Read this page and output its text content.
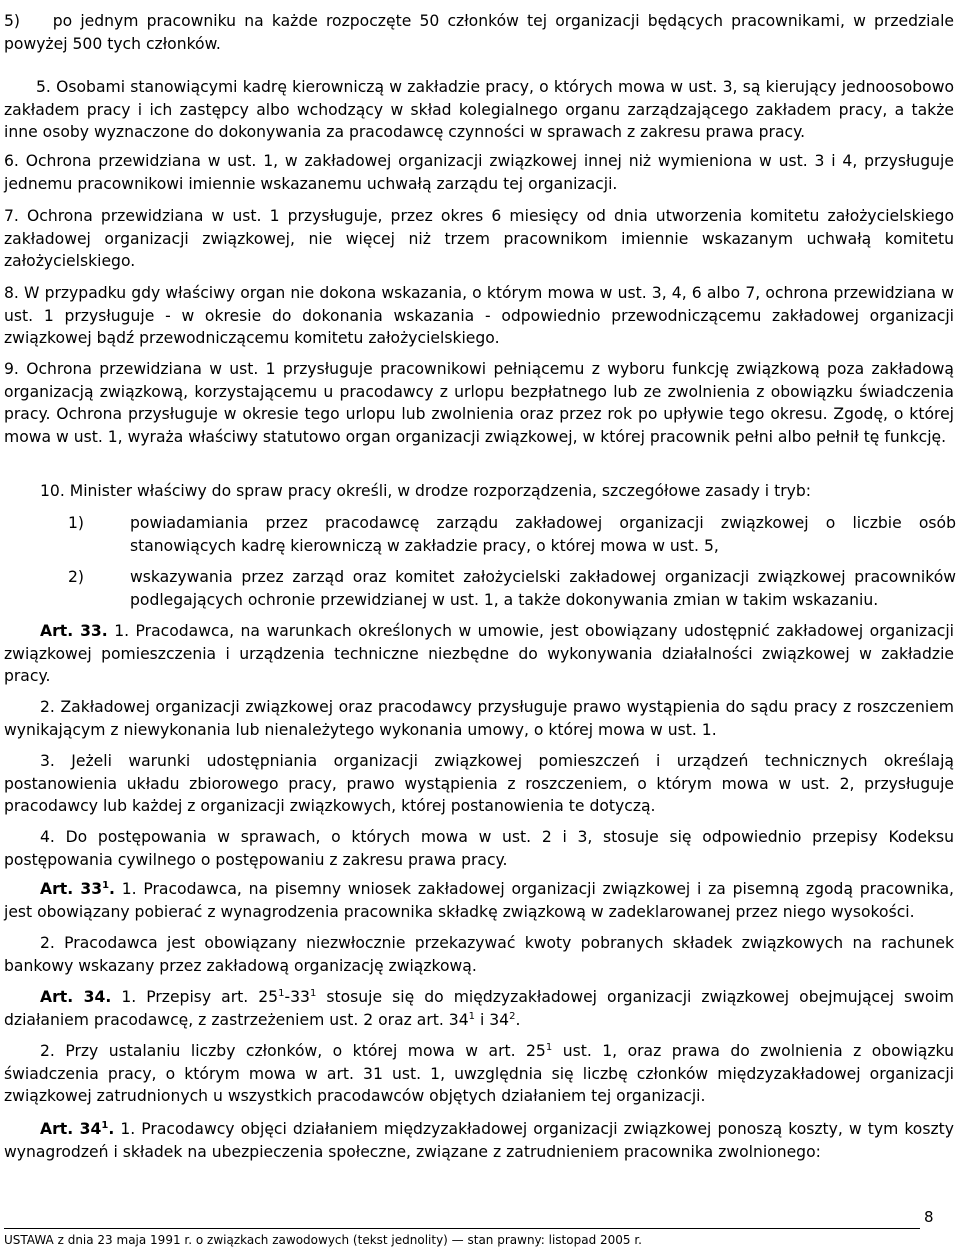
5)    po jednym pracowniku na każde rozpoczęte 50 członków tej organizacji będących pracownikami, w przedziale powyżej 500 tych członków.

5. Osobami stanowiącymi kadrę kierowniczą w zakładzie pracy, o których mowa w ust. 3, są kierujący jednoosobowo zakładem pracy i ich zastępcy albo wchodzący w skład kolegialnego organu zarządzającego zakładem pracy, a także inne osoby wyznaczone do dokonywania za pracodawcę czynności w sprawach z zakresu prawa pracy.

6. Ochrona przewidziana w ust. 1, w zakładowej organizacji związkowej innej niż wymieniona w ust. 3 i 4, przysługuje jednemu pracownikowi imiennie wskazanemu uchwałą zarządu tej organizacji.

7. Ochrona przewidziana w ust. 1 przysługuje, przez okres 6 miesięcy od dnia utworzenia komitetu założycielskiego zakładowej organizacji związkowej, nie więcej niż trzem pracownikom imiennie wskazanym uchwałą komitetu założycielskiego.

8. W przypadku gdy właściwy organ nie dokona wskazania, o którym mowa w ust. 3, 4, 6 albo 7, ochrona przewidziana w ust. 1 przysługuje - w okresie do dokonania wskazania - odpowiednio przewodniczącemu zakładowej organizacji związkowej bądź przewodniczącemu komitetu założycielskiego.

9. Ochrona przewidziana w ust. 1 przysługuje pracownikowi pełniącemu z wyboru funkcję związkową poza zakładową organizacją związkową, korzystającemu u pracodawcy z urlopu bezpłatnego lub ze zwolnienia z obowiązku świadczenia pracy. Ochrona przysługuje w okresie tego urlopu lub zwolnienia oraz przez rok po upływie tego okresu. Zgodę, o której mowa w ust. 1, wyraża właściwy statutowo organ organizacji związkowej, w której pracownik pełni albo pełnił tę funkcję.

10. Minister właściwy do spraw pracy określi, w drodze rozporządzenia, szczegółowe zasady i tryb:

1)	powiadamiania przez pracodawcę zarządu zakładowej organizacji związkowej o liczbie osób stanowiących kadrę kierowniczą w zakładzie pracy, o której mowa w ust. 5,
2)	wskazywania przez zarząd oraz komitet założycielski zakładowej organizacji związkowej pracowników podlegających ochronie przewidzianej w ust. 1, a także dokonywania zmian w takim wskazaniu.

Art. 33. 1. Pracodawca, na warunkach określonych w umowie, jest obowiązany udostępnić zakładowej organizacji związkowej pomieszczenia i urządzenia techniczne niezbędne do wykonywania działalności związkowej w zakładzie pracy.

2. Zakładowej organizacji związkowej oraz pracodawcy przysługuje prawo wystąpienia do sądu pracy z roszczeniem wynikającym z niewykonania lub nienależytego wykonania umowy, o której mowa w ust. 1.

3. Jeżeli warunki udostępniania organizacji związkowej pomieszczeń i urządzeń technicznych określają postanowienia układu zbiorowego pracy, prawo wystąpienia z roszczeniem, o którym mowa w ust. 2, przysługuje pracodawcy lub każdej z organizacji związkowych, której postanowienia te dotyczą.

4. Do postępowania w sprawach, o których mowa w ust. 2 i 3, stosuje się odpowiednio przepisy Kodeksu postępowania cywilnego o postępowaniu z zakresu prawa pracy.

Art. $33^1$. 1. Pracodawca, na pisemny wniosek zakładowej organizacji związkowej i za pisemną zgodą pracownika, jest obowiązany pobierać z wynagrodzenia pracownika składkę związkową w zadeklarowanej przez niego wysokości.

2. Pracodawca jest obowiązany niezwłocznie przekazywać kwoty pobranych składek związkowych na rachunek bankowy wskazany przez zakładową organizację związkową.

Art. 34. 1. Przepisy art. $25^1-33^1$ stosuje się do międzyzakładowej organizacji związkowej obejmującej swoim działaniem pracodawcę, z zastrzeżeniem ust. 2 oraz art. $34^1$ i $34^2$.

2. Przy ustalaniu liczby członków, o której mowa w art. $25^1$ ust. 1, oraz prawa do zwolnienia z obowiązku świadczenia pracy, o którym mowa w art. 31 ust. 1, uwzględnia się liczbę członków międzyzakładowej organizacji związkowej zatrudnionych u wszystkich pracodawców objętych działaniem tej organizacji.

Art. $34^1$. 1. Pracodawcy objęci działaniem międzyzakładowej organizacji związkowej ponoszą koszty, w tym koszty wynagrodzeń i składek na ubezpieczenia społeczne, związane z zatrudnieniem pracownika zwolnionego:

8
USTAWA z dnia 23 maja 1991 r. o związkach zawodowych (tekst jednolity) — stan prawny: listopad 2005 r.
